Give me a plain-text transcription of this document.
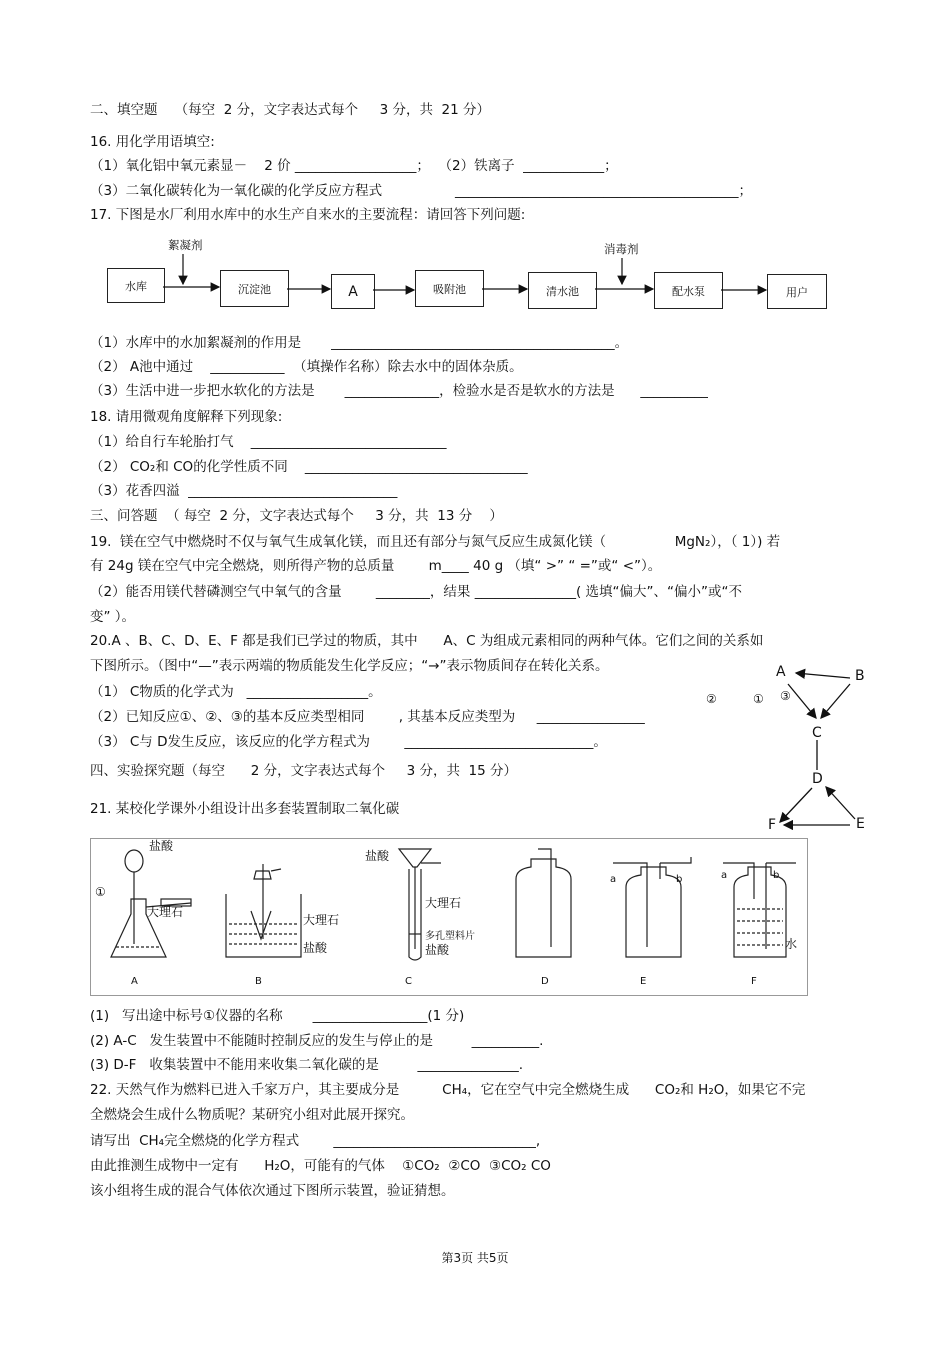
二、填空题    （每空  2 分，文字表达式每个     3 分，共  21 分）
16. 用化学用语填空:
（1）氧化铝中氧元素显－    2 价 __________________；  （2）铁离子  ____________；
（3）二氧化碳转化为一氧化碳的化学反应方程式                 __________________________________________；
17. 下图是水厂利用水库中的水生产自来水的主要流程：请回答下列问题:
絮凝剂	消毒剂
水库	沉淀池	A	吸附池	清水池	配水泵	用户
（1）水库中的水加絮凝剂的作用是       __________________________________________。
（2） A池中通过    ___________  （填操作名称）除去水中的固体杂质。
（3）生活中进一步把水软化的方法是       ______________，检验水是否是软水的方法是      __________
18. 请用微观角度解释下列现象:
（1）给自行车轮胎打气    _____________________________
（2） CO₂和 CO的化学性质不同    _________________________________
（3）花香四溢  _______________________________
三、问答题  （ 每空  2 分，文字表达式每个     3 分，共  13 分    ）
19.  镁在空气中燃烧时不仅与氧气生成氧化镁，而且还有部分与氮气反应生成氮化镁（                MgN₂），（ 1）) 若
有 24g 镁在空气中完全燃烧，则所得产物的总质量        m____ 40 g （填“ >” “ =”或“ <”）。
（2）能否用镁代替磷测空气中氧气的含量        ________，结果 _______________( 选填“偏大”、“偏小”或“不
变” ）。
20.A 、B、C、D、E、F 都是我们已学过的物质，其中      A、C 为组成元素相同的两种气体。它们之间的关系如
下图所示。（图中“—”表示两端的物质能发生化学反应；“→”表示物质间存在转化关系。
（1） C物质的化学式为   __________________。
（2）已知反应①、②、③的基本反应类型相同        , 其基本反应类型为     ________________
（3） C与 D发生反应，该反应的化学方程式为        ____________________________。
A	B
C
D
E
F
②	① ③
四、实验探究题（每空      2 分，文字表达式每个     3 分，共  15 分）
21. 某校化学课外小组设计出多套装置制取二氧化碳
盐酸
①
大理石
大理石
盐酸
盐酸
大理石
多孔塑料片
盐酸
a	b	a	b
水
A	B	C	D	E	F
(1)   写出途中标号①仪器的名称       _________________(1 分)
(2) A-C   发生装置中不能随时控制反应的发生与停止的是         __________.
(3) D-F   收集装置中不能用来收集二氧化碳的是         _______________.
22. 天然气作为燃料已进入千家万户，其主要成分是          CH₄，它在空气中完全燃烧生成      CO₂和 H₂O，如果它不完
全燃烧会生成什么物质呢？某研究小组对此展开探究。
请写出  CH₄完全燃烧的化学方程式        ______________________________,
由此推测生成物中一定有      H₂O，可能有的气体    ①CO₂  ②CO  ③CO₂ CO
该小组将生成的混合气体依次通过下图所示装置，验证猜想。
第3页 共5页
